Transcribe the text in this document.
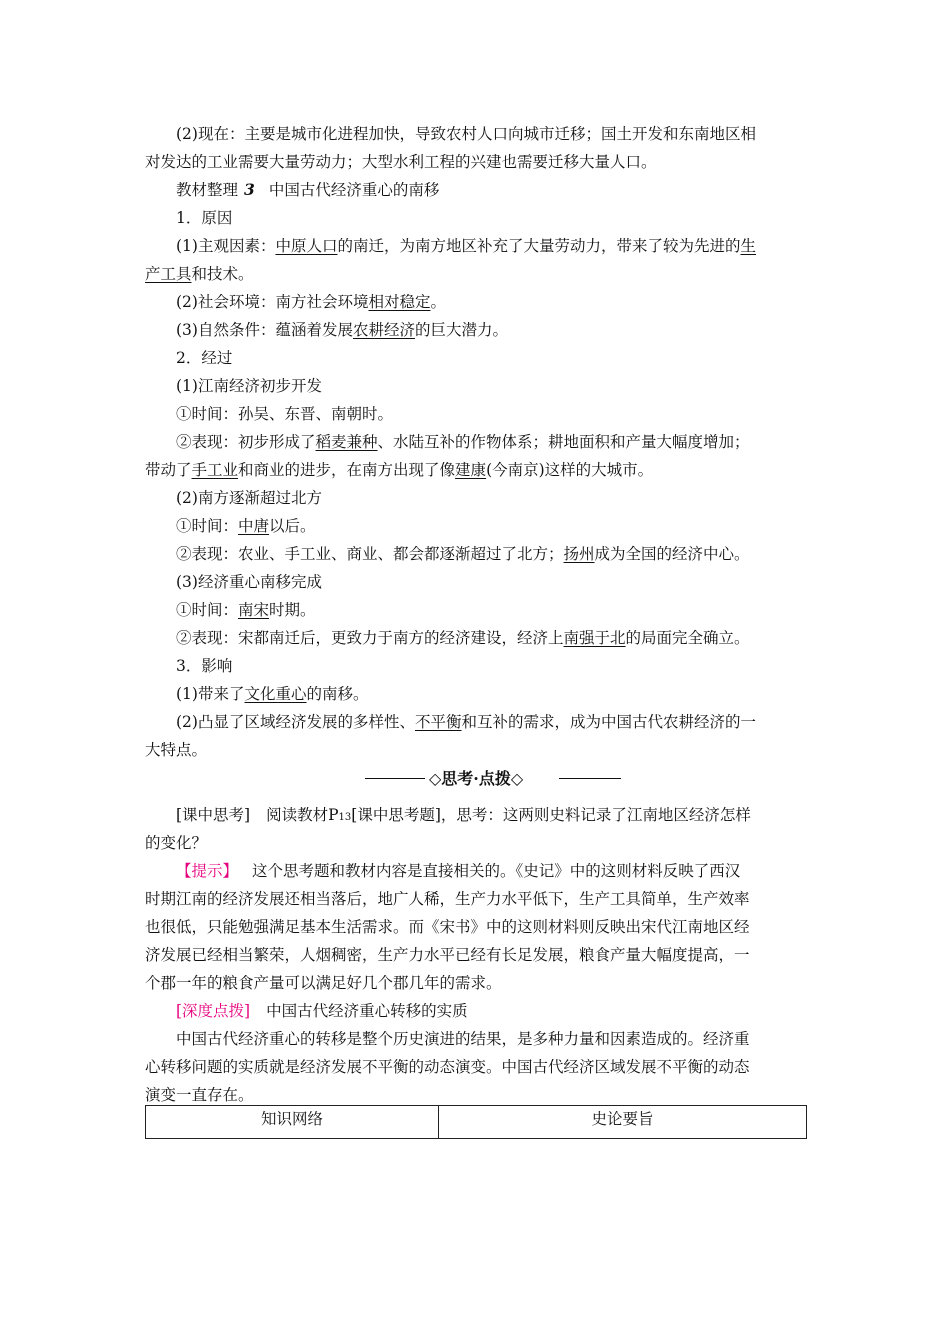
(2)现在：主要是城市化进程加快，导致农村人口向城市迁移；国土开发和东南地区相
对发达的工业需要大量劳动力；大型水利工程的兴建也需要迁移大量人口。
教材整理 3 中国古代经济重心的南移
1．原因
(1)主观因素：中原人口的南迁，为南方地区补充了大量劳动力，带来了较为先进的生
产工具和技术。
(2)社会环境：南方社会环境相对稳定。
(3)自然条件：蕴涵着发展农耕经济的巨大潜力。
2．经过
(1)江南经济初步开发
①时间：孙吴、东晋、南朝时。
②表现：初步形成了稻麦兼种、水陆互补的作物体系；耕地面积和产量大幅度增加；
带动了手工业和商业的进步，在南方出现了像建康(今南京)这样的大城市。
(2)南方逐渐超过北方
①时间：中唐以后。
②表现：农业、手工业、商业、都会都逐渐超过了北方；扬州成为全国的经济中心。
(3)经济重心南移完成
①时间：南宋时期。
②表现：宋都南迁后，更致力于南方的经济建设，经济上南强于北的局面完全确立。
3．影响
(1)带来了文化重心的南移。
(2)凸显了区域经济发展的多样性、不平衡和互补的需求，成为中国古代农耕经济的一
大特点。
◇思考·点拨◇
[课中思考] 阅读教材P13[课中思考题]，思考：这两则史料记录了江南地区经济怎样
的变化？
【提示】 这个思考题和教材内容是直接相关的。《史记》中的这则材料反映了西汉
时期江南的经济发展还相当落后，地广人稀，生产力水平低下，生产工具简单，生产效率
也很低，只能勉强满足基本生活需求。而《宋书》中的这则材料则反映出宋代江南地区经
济发展已经相当繁荣，人烟稠密，生产力水平已经有长足发展，粮食产量大幅度提高，一
个郡一年的粮食产量可以满足好几个郡几年的需求。
[深度点拨] 中国古代经济重心转移的实质
中国古代经济重心的转移是整个历史演进的结果，是多种力量和因素造成的。经济重
心转移问题的实质就是经济发展不平衡的动态演变。中国古代经济区域发展不平衡的动态
演变一直存在。
知识网络	史论要旨
